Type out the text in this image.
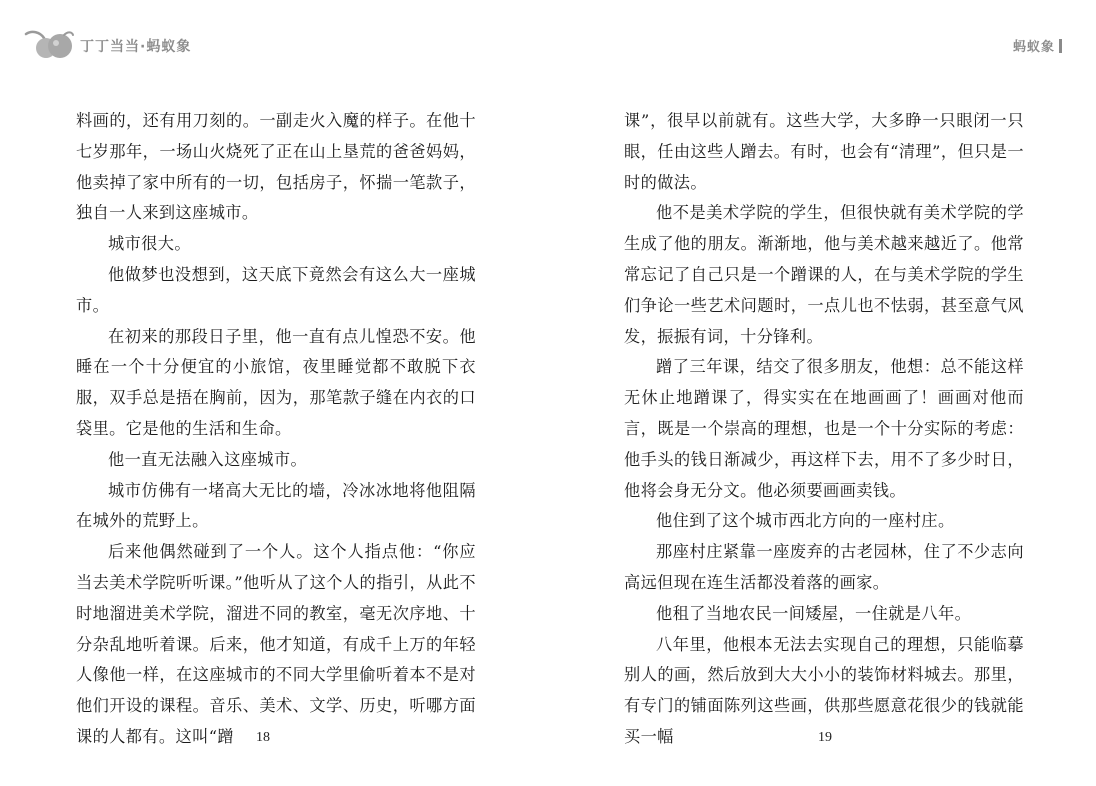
丁丁当当·蚂蚁象	蚂蚁象

料画的，还有用刀刻的。一副走火入魔的样子。在他十七岁那年，一场山火烧死了正在山上垦荒的爸爸妈妈，他卖掉了家中所有的一切，包括房子，怀揣一笔款子，独自一人来到这座城市。

城市很大。

他做梦也没想到，这天底下竟然会有这么大一座城市。

在初来的那段日子里，他一直有点儿惶恐不安。他睡在一个十分便宜的小旅馆，夜里睡觉都不敢脱下衣服，双手总是捂在胸前，因为，那笔款子缝在内衣的口袋里。它是他的生活和生命。

他一直无法融入这座城市。

城市仿佛有一堵高大无比的墙，冷冰冰地将他阻隔在城外的荒野上。

后来他偶然碰到了一个人。这个人指点他：“你应当去美术学院听听课。”他听从了这个人的指引，从此不时地溜进美术学院，溜进不同的教室，毫无次序地、十分杂乱地听着课。后来，他才知道，有成千上万的年轻人像他一样，在这座城市的不同大学里偷听着本不是对他们开设的课程。音乐、美术、文学、历史，听哪方面课的人都有。这叫“蹭

课”，很早以前就有。这些大学，大多睁一只眼闭一只眼，任由这些人蹭去。有时，也会有“清理”，但只是一时的做法。

他不是美术学院的学生，但很快就有美术学院的学生成了他的朋友。渐渐地，他与美术越来越近了。他常常忘记了自己只是一个蹭课的人，在与美术学院的学生们争论一些艺术问题时，一点儿也不怯弱，甚至意气风发，振振有词，十分锋利。

蹭了三年课，结交了很多朋友，他想：总不能这样无休止地蹭课了，得实实在在地画画了！画画对他而言，既是一个崇高的理想，也是一个十分实际的考虑：他手头的钱日渐减少，再这样下去，用不了多少时日，他将会身无分文。他必须要画画卖钱。

他住到了这个城市西北方向的一座村庄。

那座村庄紧靠一座废弃的古老园林，住了不少志向高远但现在连生活都没着落的画家。

他租了当地农民一间矮屋，一住就是八年。

八年里，他根本无法去实现自己的理想，只能临摹别人的画，然后放到大大小小的装饰材料城去。那里，有专门的铺面陈列这些画，供那些愿意花很少的钱就能买一幅

18	19
